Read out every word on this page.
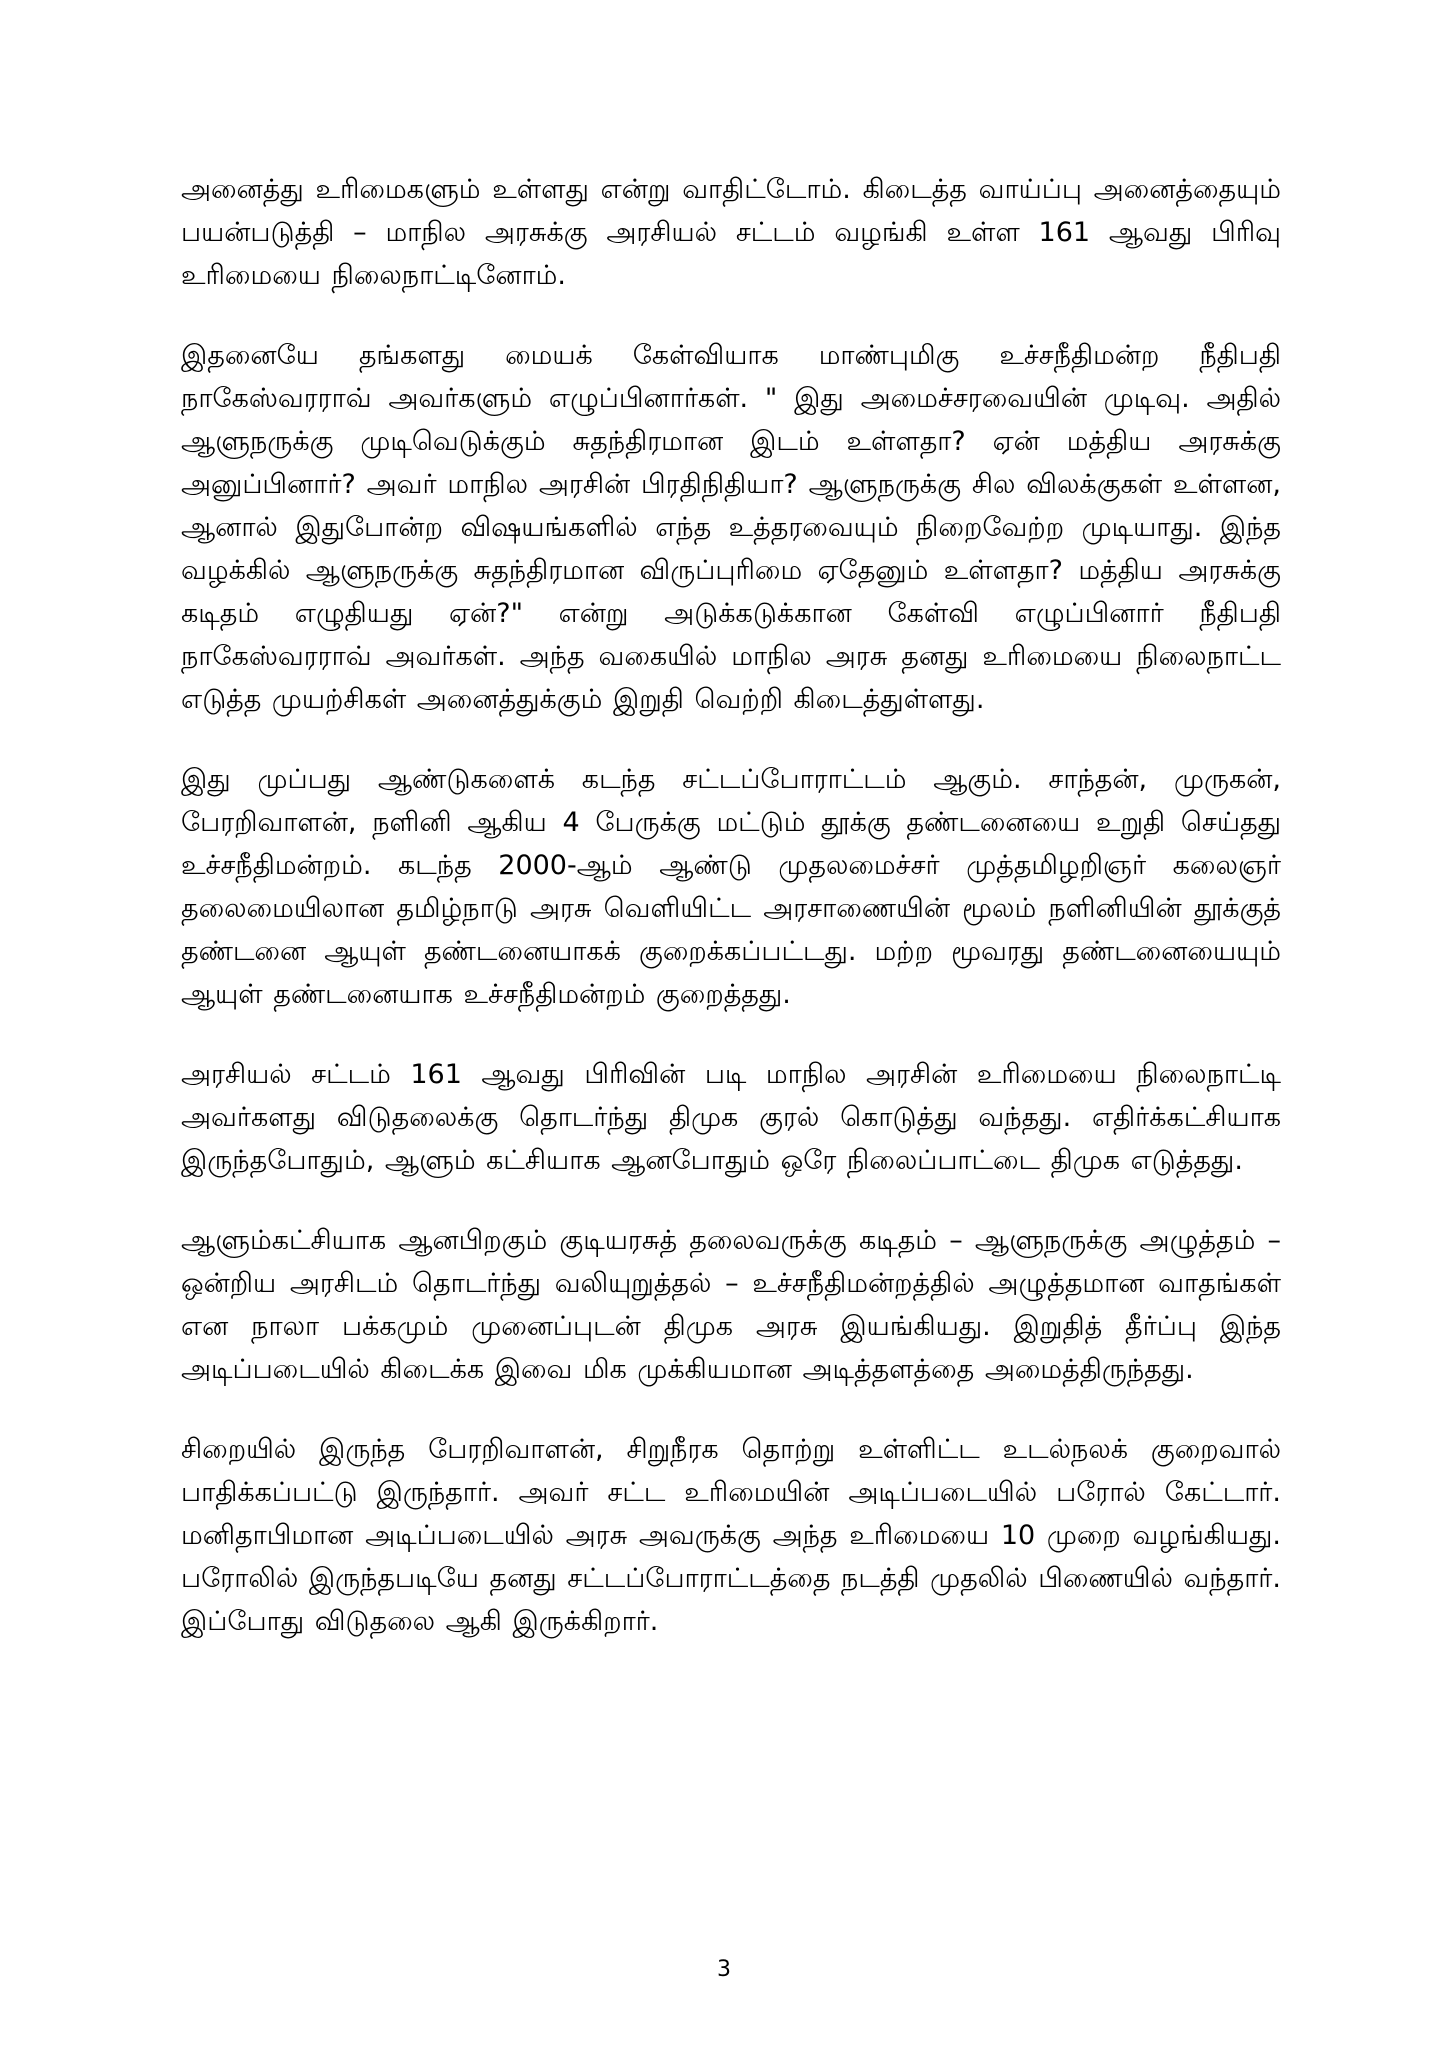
அனைத்து உரிமைகளும் உள்ளது என்று வாதிட்டோம். கிடைத்த வாய்ப்பு அனைத்தையும் பயன்படுத்தி – மாநில அரசுக்கு அரசியல் சட்டம் வழங்கி உள்ள 161 ஆவது பிரிவு உரிமையை நிலைநாட்டினோம்.

இதனையே தங்களது மையக் கேள்வியாக மாண்புமிகு உச்சநீதிமன்ற நீதிபதி நாகேஸ்வரராவ் அவர்களும் எழுப்பினார்கள். " இது அமைச்சரவையின் முடிவு. அதில் ஆளுநருக்கு முடிவெடுக்கும் சுதந்திரமான இடம் உள்ளதா? ஏன் மத்திய அரசுக்கு அனுப்பினார்? அவர் மாநில அரசின் பிரதிநிதியா? ஆளுநருக்கு சில விலக்குகள் உள்ளன, ஆனால் இதுபோன்ற விஷயங்களில் எந்த உத்தரவையும் நிறைவேற்ற முடியாது. இந்த வழக்கில் ஆளுநருக்கு சுதந்திரமான விருப்புரிமை ஏதேனும் உள்ளதா? மத்திய அரசுக்கு கடிதம் எழுதியது ஏன்?" என்று அடுக்கடுக்கான கேள்வி எழுப்பினார் நீதிபதி நாகேஸ்வரராவ் அவர்கள். அந்த வகையில் மாநில அரசு தனது உரிமையை நிலைநாட்ட எடுத்த முயற்சிகள் அனைத்துக்கும் இறுதி வெற்றி கிடைத்துள்ளது.

இது முப்பது ஆண்டுகளைக் கடந்த சட்டப்போராட்டம் ஆகும். சாந்தன், முருகன், பேரறிவாளன், நளினி ஆகிய 4 பேருக்கு மட்டும் தூக்கு தண்டனையை உறுதி செய்தது உச்சநீதிமன்றம். கடந்த 2000-ஆம் ஆண்டு முதலமைச்சர் முத்தமிழறிஞர் கலைஞர் தலைமையிலான தமிழ்நாடு அரசு வெளியிட்ட அரசாணையின் மூலம் நளினியின் தூக்குத் தண்டனை ஆயுள் தண்டனையாகக் குறைக்கப்பட்டது. மற்ற மூவரது தண்டனையையும் ஆயுள் தண்டனையாக உச்சநீதிமன்றம் குறைத்தது.

அரசியல் சட்டம் 161 ஆவது பிரிவின் படி மாநில அரசின் உரிமையை நிலைநாட்டி அவர்களது விடுதலைக்கு தொடர்ந்து திமுக குரல் கொடுத்து வந்தது. எதிர்க்கட்சியாக இருந்தபோதும், ஆளும் கட்சியாக ஆனபோதும் ஒரே நிலைப்பாட்டை திமுக எடுத்தது.

ஆளும்கட்சியாக ஆனபிறகும் குடியரசுத் தலைவருக்கு கடிதம் – ஆளுநருக்கு அழுத்தம் – ஒன்றிய அரசிடம் தொடர்ந்து வலியுறுத்தல் – உச்சநீதிமன்றத்தில் அழுத்தமான வாதங்கள் என நாலா பக்கமும் முனைப்புடன் திமுக அரசு இயங்கியது. இறுதித் தீர்ப்பு இந்த அடிப்படையில் கிடைக்க இவை மிக முக்கியமான அடித்தளத்தை அமைத்திருந்தது.

சிறையில் இருந்த பேரறிவாளன், சிறுநீரக தொற்று உள்ளிட்ட உடல்நலக் குறைவால் பாதிக்கப்பட்டு இருந்தார். அவர் சட்ட உரிமையின் அடிப்படையில் பரோல் கேட்டார். மனிதாபிமான அடிப்படையில் அரசு அவருக்கு அந்த உரிமையை 10 முறை வழங்கியது. பரோலில் இருந்தபடியே தனது சட்டப்போராட்டத்தை நடத்தி முதலில் பிணையில் வந்தார். இப்போது விடுதலை ஆகி இருக்கிறார்.

3
